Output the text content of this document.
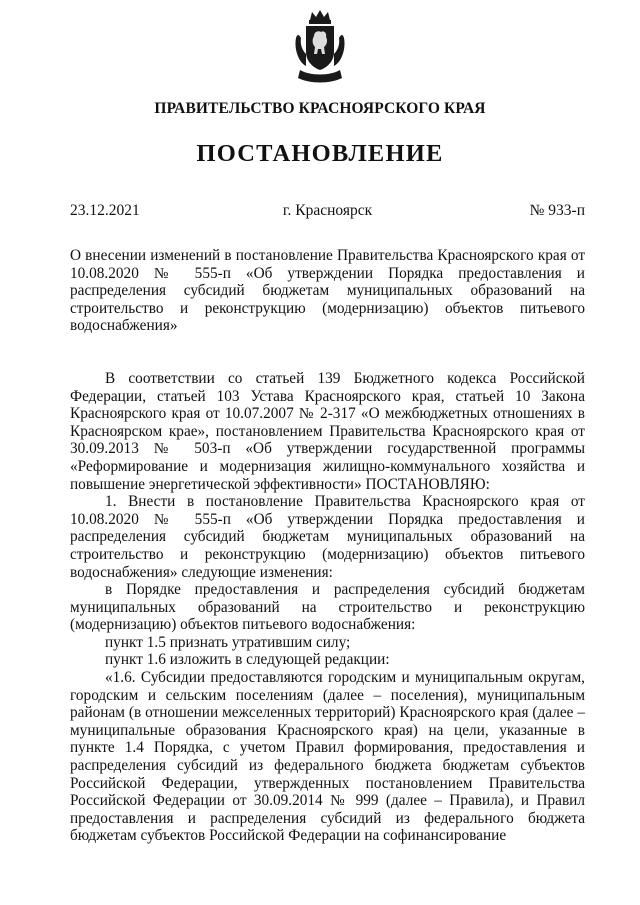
ПРАВИТЕЛЬСТВО КРАСНОЯРСКОГО КРАЯ
ПОСТАНОВЛЕНИЕ
23.12.2021	г. Красноярск	№ 933-п

О внесении изменений в постановление Правительства Красноярского края от 10.08.2020 № 555-п «Об утверждении Порядка предоставления и распределения субсидий бюджетам муниципальных образований на строительство и реконструкцию (модернизацию) объектов питьевого водоснабжения»

В соответствии со статьей 139 Бюджетного кодекса Российской Федерации, статьей 103 Устава Красноярского края, статьей 10 Закона Красноярского края от 10.07.2007 № 2-317 «О межбюджетных отношениях в Красноярском крае», постановлением Правительства Красноярского края от 30.09.2013 № 503-п «Об утверждении государственной программы «Реформирование и модернизация жилищно-коммунального хозяйства и повышение энергетической эффективности» ПОСТАНОВЛЯЮ:

1. Внести в постановление Правительства Красноярского края от 10.08.2020 № 555-п «Об утверждении Порядка предоставления и распределения субсидий бюджетам муниципальных образований на строительство и реконструкцию (модернизацию) объектов питьевого водоснабжения» следующие изменения:

в Порядке предоставления и распределения субсидий бюджетам муниципальных образований на строительство и реконструкцию (модернизацию) объектов питьевого водоснабжения:

пункт 1.5 признать утратившим силу;

пункт 1.6 изложить в следующей редакции:

«1.6. Субсидии предоставляются городским и муниципальным округам, городским и сельским поселениям (далее – поселения), муниципальным районам (в отношении межселенных территорий) Красноярского края (далее – муниципальные образования Красноярского края) на цели, указанные в пункте 1.4 Порядка, с учетом Правил формирования, предоставления и распределения субсидий из федерального бюджета бюджетам субъектов Российской Федерации, утвержденных постановлением Правительства Российской Федерации от 30.09.2014 № 999 (далее – Правила), и Правил предоставления и распределения субсидий из федерального бюджета бюджетам субъектов Российской Федерации на софинансирование
